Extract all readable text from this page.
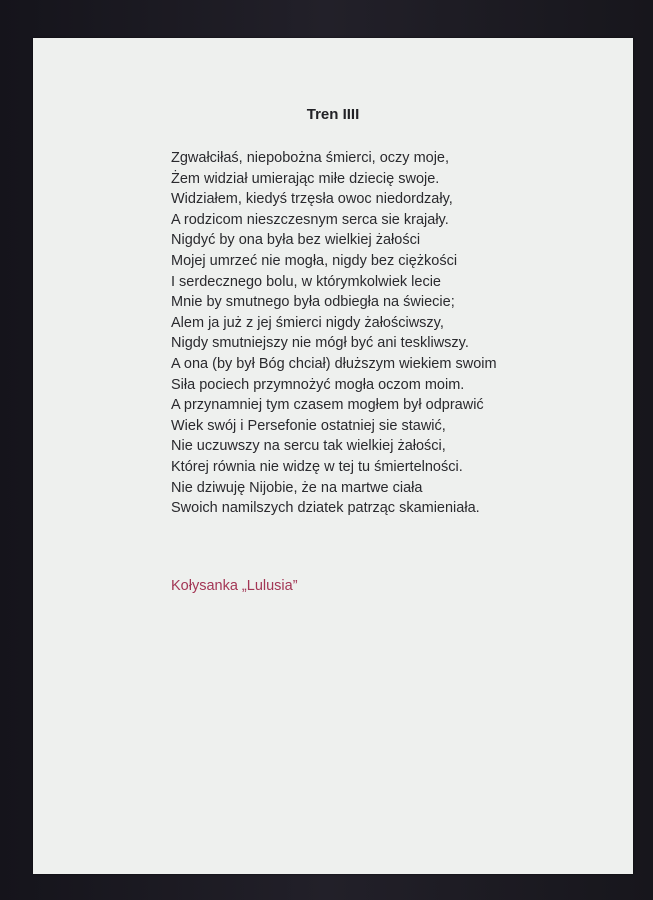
Tren IIII
Zgwałciłaś, niepobożna śmierci, oczy moje,
Żem widział umierając miłe dziecię swoje.
Widziałem, kiedyś trzęsła owoc niedordzały,
A rodzicom nieszczesnym serca sie krajały.
Nigdyć by ona była bez wielkiej żałości
Mojej umrzeć nie mogła, nigdy bez ciężkości
I serdecznego bolu, w którymkolwiek lecie
Mnie by smutnego była odbiegła na świecie;
Alem ja już z jej śmierci nigdy żałościwszy,
Nigdy smutniejszy nie mógł być ani teskliwszy.
A ona (by był Bóg chciał) dłuższym wiekiem swoim
Siła pociech przymnożyć mogła oczom moim.
A przynamniej tym czasem mogłem był odprawić
Wiek swój i Persefonie ostatniej sie stawić,
Nie uczuwszy na sercu tak wielkiej żałości,
Której równia nie widzę w tej tu śmiertelności.
Nie dziwuję Nijobie, że na martwe ciała
Swoich namilszych dziatek patrząc skamieniała.

Kołysanka „Lulusia”
